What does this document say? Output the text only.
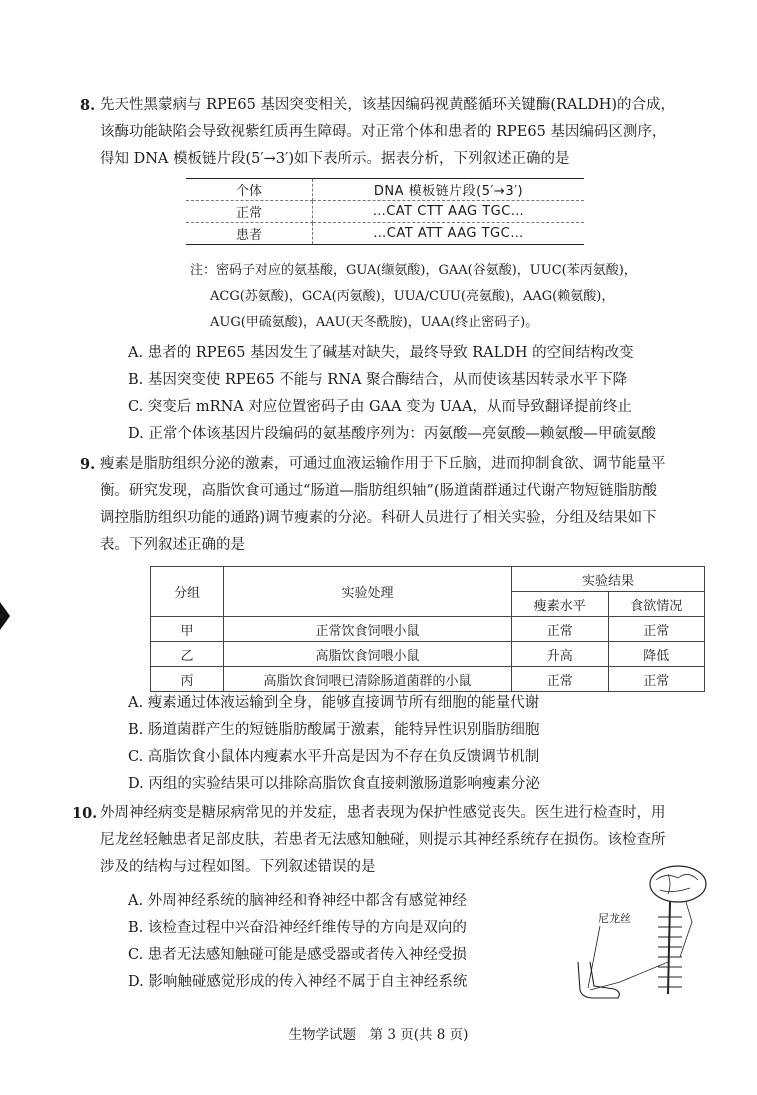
8. 先天性黑蒙病与 RPE65 基因突变相关，该基因编码视黄醛循环关键酶(RALDH)的合成，
该酶功能缺陷会导致视紫红质再生障碍。对正常个体和患者的 RPE65 基因编码区测序，
得知 DNA 模板链片段(5′→3′)如下表所示。据表分析，下列叙述正确的是
个体	DNA 模板链片段(5′→3′)
正常	…CAT CTT AAG TGC…
患者	…CAT ATT AAG TGC…
注：密码子对应的氨基酸，GUA(缬氨酸)，GAA(谷氨酸)，UUC(苯丙氨酸)，
ACG(苏氨酸)，GCA(丙氨酸)，UUA/CUU(亮氨酸)，AAG(赖氨酸)，
AUG(甲硫氨酸)，AAU(天冬酰胺)，UAA(终止密码子)。
A. 患者的 RPE65 基因发生了碱基对缺失，最终导致 RALDH 的空间结构改变
B. 基因突变使 RPE65 不能与 RNA 聚合酶结合，从而使该基因转录水平下降
C. 突变后 mRNA 对应位置密码子由 GAA 变为 UAA，从而导致翻译提前终止
D. 正常个体该基因片段编码的氨基酸序列为：丙氨酸—亮氨酸—赖氨酸—甲硫氨酸
9. 瘦素是脂肪组织分泌的激素，可通过血液运输作用于下丘脑，进而抑制食欲、调节能量平
衡。研究发现，高脂饮食可通过“肠道—脂肪组织轴”(肠道菌群通过代谢产物短链脂肪酸
调控脂肪组织功能的通路)调节瘦素的分泌。科研人员进行了相关实验，分组及结果如下
表。下列叙述正确的是
分组	实验处理	实验结果	
		瘦素水平	食欲情况
甲	正常饮食饲喂小鼠	正常	正常
乙	高脂饮食饲喂小鼠	升高	降低
丙	高脂饮食饲喂已清除肠道菌群的小鼠	正常	正常
A. 瘦素通过体液运输到全身，能够直接调节所有细胞的能量代谢
B. 肠道菌群产生的短链脂肪酸属于激素，能特异性识别脂肪细胞
C. 高脂饮食小鼠体内瘦素水平升高是因为不存在负反馈调节机制
D. 丙组的实验结果可以排除高脂饮食直接刺激肠道影响瘦素分泌
10. 外周神经病变是糖尿病常见的并发症，患者表现为保护性感觉丧失。医生进行检查时，用
尼龙丝轻触患者足部皮肤，若患者无法感知触碰，则提示其神经系统存在损伤。该检查所
涉及的结构与过程如图。下列叙述错误的是
A. 外周神经系统的脑神经和脊神经中都含有感觉神经
B. 该检查过程中兴奋沿神经纤维传导的方向是双向的
C. 患者无法感知触碰可能是感受器或者传入神经受损
D. 影响触碰感觉形成的传入神经不属于自主神经系统
尼龙丝
生物学试题　第 3 页(共 8 页)
